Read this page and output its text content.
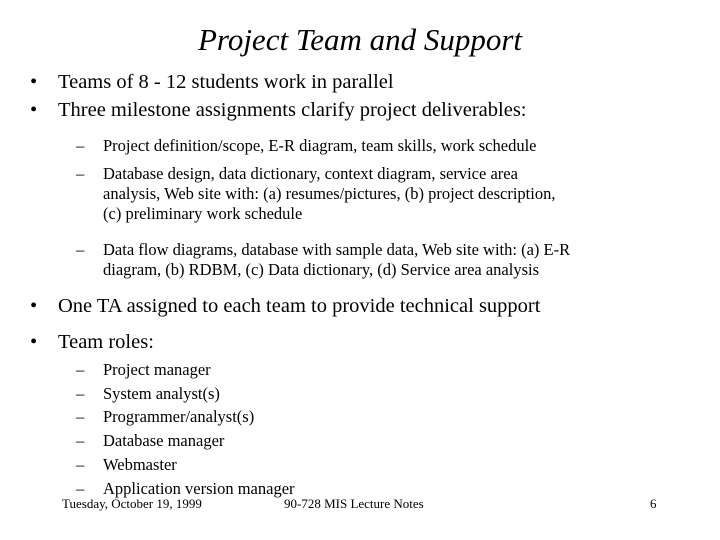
Project Team and Support
• Teams of 8 - 12 students work in parallel
• Three milestone assignments clarify project deliverables:
– Project definition/scope, E-R diagram, team skills, work schedule
– Database design, data dictionary, context diagram, service area
analysis, Web site with: (a) resumes/pictures, (b) project description,
(c) preliminary work schedule
– Data flow diagrams, database with sample data, Web site with: (a) E-R
diagram, (b) RDBM, (c) Data dictionary, (d) Service area analysis
• One TA assigned to each team to provide technical support
• Team roles:
– Project manager
– System analyst(s)
– Programmer/analyst(s)
– Database manager
– Webmaster
– Application version manager
Tuesday, October 19, 1999	90-728 MIS Lecture Notes	6
